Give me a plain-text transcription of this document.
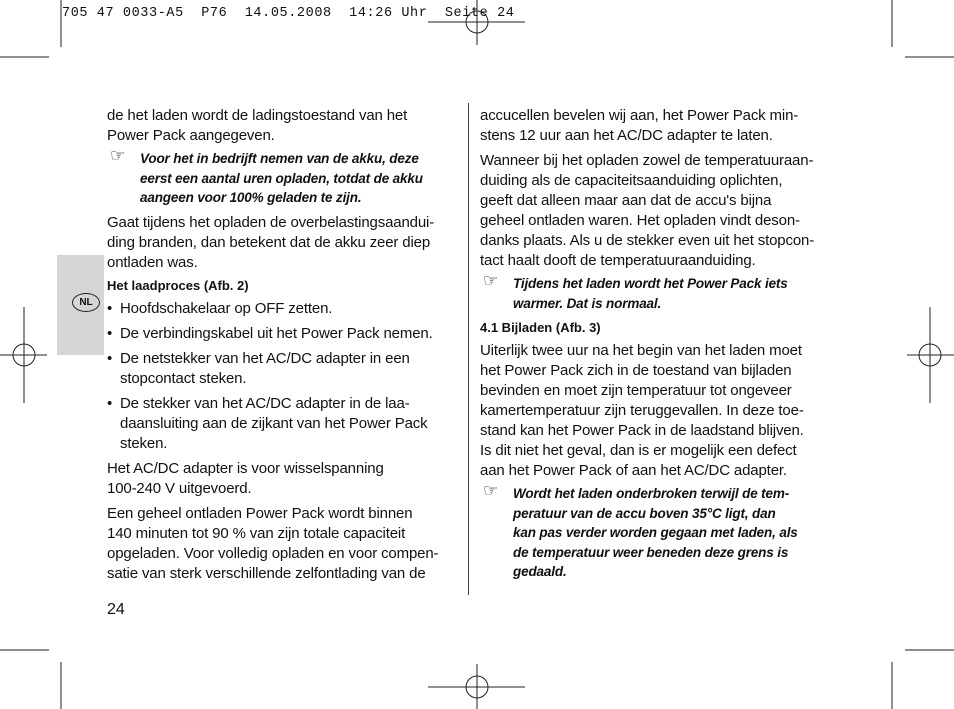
705 47 0033-A5  P76  14.05.2008  14:26 Uhr  Seite 24
NL

de het laden wordt de ladingstoestand van het

Power Pack aangegeven.

☞ Voor het in bedrijft nemen van de akku, deze

eerst een aantal uren opladen, totdat de akku

aangeen voor 100% geladen te zijn.

Gaat tijdens het opladen de overbelastingsaandui-

ding branden, dan betekent dat de akku zeer diep

ontladen was.

Het laadproces (Afb. 2)

• Hoofdschakelaar op OFF zetten.

• De verbindingskabel uit het Power Pack nemen.

• De netstekker van het AC/DC adapter in een

stopcontact steken.

• De stekker van het AC/DC adapter in de laa-

daansluiting aan de zijkant van het Power Pack

steken.

Het AC/DC adapter is voor wisselspanning

100-240 V uitgevoerd.

Een geheel ontladen Power Pack wordt binnen

140 minuten tot 90 % van zijn totale capaciteit

opgeladen. Voor volledig opladen en voor compen-

satie van sterk verschillende zelfontlading van de

24

accucellen bevelen wij aan, het Power Pack min-

stens 12 uur aan het AC/DC adapter te laten.

Wanneer bij het opladen zowel de temperatuuraan-

duiding als de capaciteitsaanduiding oplichten,

geeft dat alleen maar aan dat de accu's bijna

geheel ontladen waren. Het opladen vindt deson-

danks plaats. Als u de stekker even uit het stopcon-

tact haalt dooft de temperatuuraanduiding.

☞ Tijdens het laden wordt het Power Pack iets

warmer. Dat is normaal.

4.1 Bijladen (Afb. 3)

Uiterlijk twee uur na het begin van het laden moet

het Power Pack zich in de toestand van bijladen

bevinden en moet zijn temperatuur tot ongeveer

kamertemperatuur zijn teruggevallen. In deze toe-

stand kan het Power Pack in de laadstand blijven.

Is dit niet het geval, dan is er mogelijk een defect

aan het Power Pack of aan het AC/DC adapter.

☞ Wordt het laden onderbroken terwijl de tem-

peratuur van de accu boven 35°C ligt, dan

kan pas verder worden gegaan met laden, als

de temperatuur weer beneden deze grens is

gedaald.
